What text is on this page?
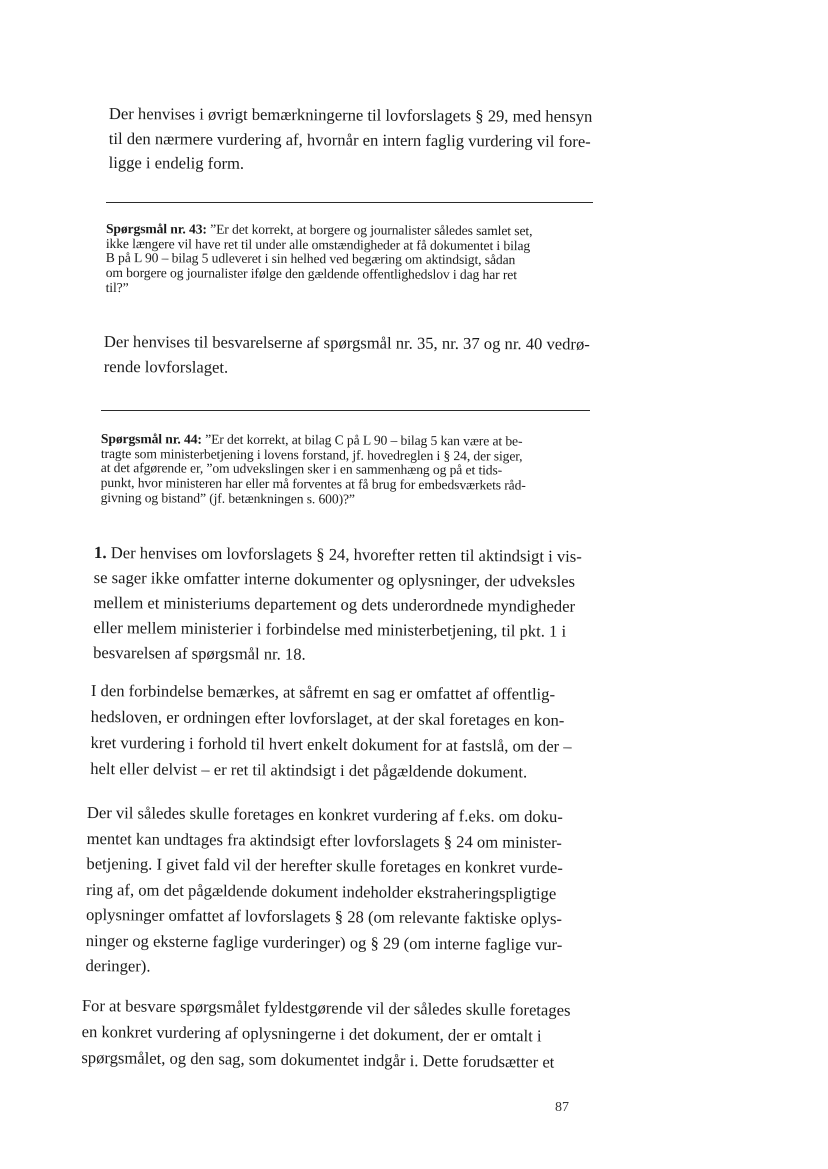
Der henvises i øvrigt bemærkningerne til lovforslagets § 29, med hensyn
til den nærmere vurdering af, hvornår en intern faglig vurdering vil fore-
ligge i endelig form.
Spørgsmål nr. 43: ”Er det korrekt, at borgere og journalister således samlet set,
ikke længere vil have ret til under alle omstændigheder at få dokumentet i bilag
B på L 90 – bilag 5 udleveret i sin helhed ved begæring om aktindsigt, sådan
om borgere og journalister ifølge den gældende offentlighedslov i dag har ret
til?”
Der henvises til besvarelserne af spørgsmål nr. 35, nr. 37 og nr. 40 vedrø-
rende lovforslaget.
Spørgsmål nr. 44: ”Er det korrekt, at bilag C på L 90 – bilag 5 kan være at be-
tragte som ministerbetjening i lovens forstand, jf. hovedreglen i § 24, der siger,
at det afgørende er, ”om udvekslingen sker i en sammenhæng og på et tids-
punkt, hvor ministeren har eller må forventes at få brug for embedsværkets råd-
givning og bistand” (jf. betænkningen s. 600)?”
1. Der henvises om lovforslagets § 24, hvorefter retten til aktindsigt i vis-
se sager ikke omfatter interne dokumenter og oplysninger, der udveksles
mellem et ministeriums departement og dets underordnede myndigheder
eller mellem ministerier i forbindelse med ministerbetjening, til pkt. 1 i
besvarelsen af spørgsmål nr. 18.
I den forbindelse bemærkes, at såfremt en sag er omfattet af offentlig-
hedsloven, er ordningen efter lovforslaget, at der skal foretages en kon-
kret vurdering i forhold til hvert enkelt dokument for at fastslå, om der –
helt eller delvist – er ret til aktindsigt i det pågældende dokument.
Der vil således skulle foretages en konkret vurdering af f.eks. om doku-
mentet kan undtages fra aktindsigt efter lovforslagets § 24 om minister-
betjening. I givet fald vil der herefter skulle foretages en konkret vurde-
ring af, om det pågældende dokument indeholder ekstraheringspligtige
oplysninger omfattet af lovforslagets § 28 (om relevante faktiske oplys-
ninger og eksterne faglige vurderinger) og § 29 (om interne faglige vur-
deringer).
For at besvare spørgsmålet fyldestgørende vil der således skulle foretages
en konkret vurdering af oplysningerne i det dokument, der er omtalt i
spørgsmålet, og den sag, som dokumentet indgår i. Dette forudsætter et
87
